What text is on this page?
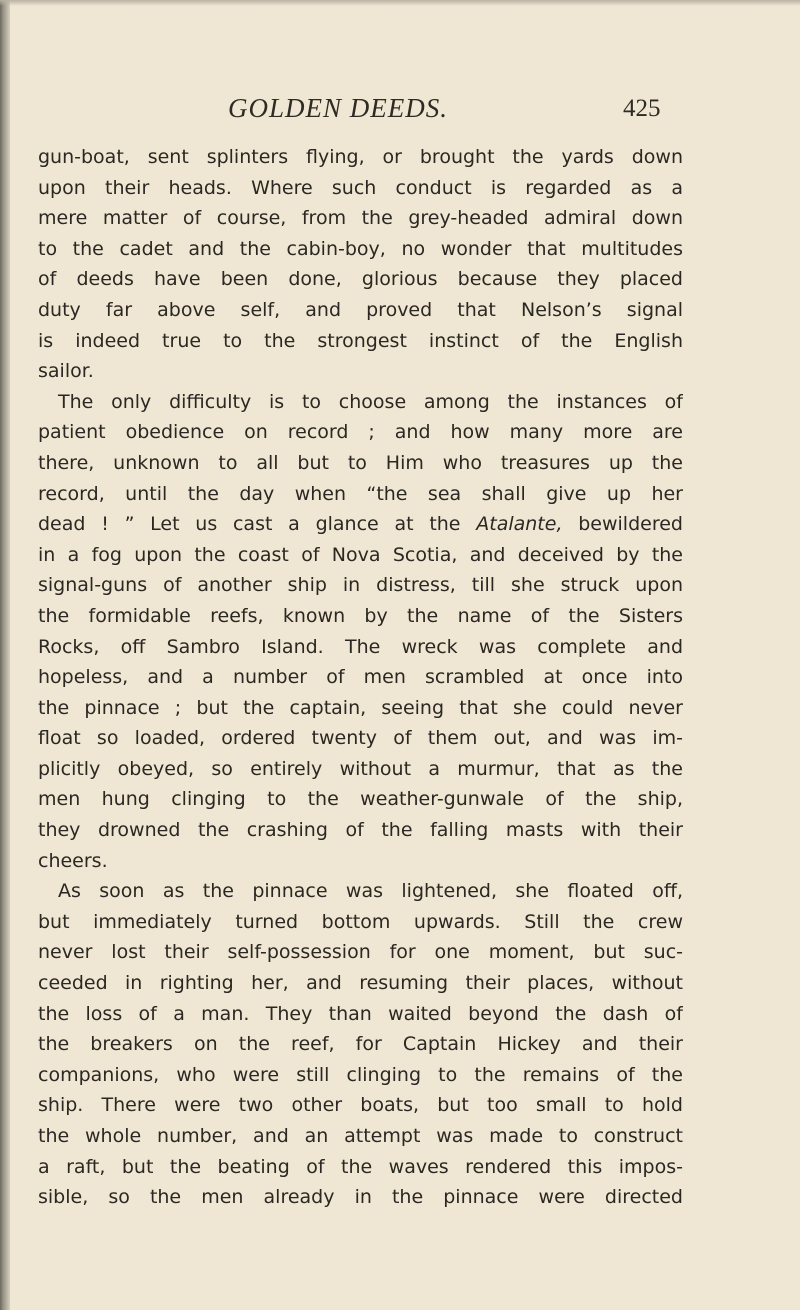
GOLDEN DEEDS.	425
gun-boat, sent splinters flying, or brought the yards down
upon their heads. Where such conduct is regarded as a
mere matter of course, from the grey-headed admiral down
to the cadet and the cabin-boy, no wonder that multitudes
of deeds have been done, glorious because they placed
duty far above self, and proved that Nelson’s signal
is indeed true to the strongest instinct of the English
sailor.
The only difficulty is to choose among the instances of
patient obedience on record ; and how many more are
there, unknown to all but to Him who treasures up the
record, until the day when “the sea shall give up her
dead ! ” Let us cast a glance at the Atalante, bewildered
in a fog upon the coast of Nova Scotia, and deceived by the
signal-guns of another ship in distress, till she struck upon
the formidable reefs, known by the name of the Sisters
Rocks, off Sambro Island. The wreck was complete and
hopeless, and a number of men scrambled at once into
the pinnace ; but the captain, seeing that she could never
float so loaded, ordered twenty of them out, and was im-
plicitly obeyed, so entirely without a murmur, that as the
men hung clinging to the weather-gunwale of the ship,
they drowned the crashing of the falling masts with their
cheers.
As soon as the pinnace was lightened, she floated off,
but immediately turned bottom upwards. Still the crew
never lost their self-possession for one moment, but suc-
ceeded in righting her, and resuming their places, without
the loss of a man. They than waited beyond the dash of
the breakers on the reef, for Captain Hickey and their
companions, who were still clinging to the remains of the
ship. There were two other boats, but too small to hold
the whole number, and an attempt was made to construct
a raft, but the beating of the waves rendered this impos-
sible, so the men already in the pinnace were directed
